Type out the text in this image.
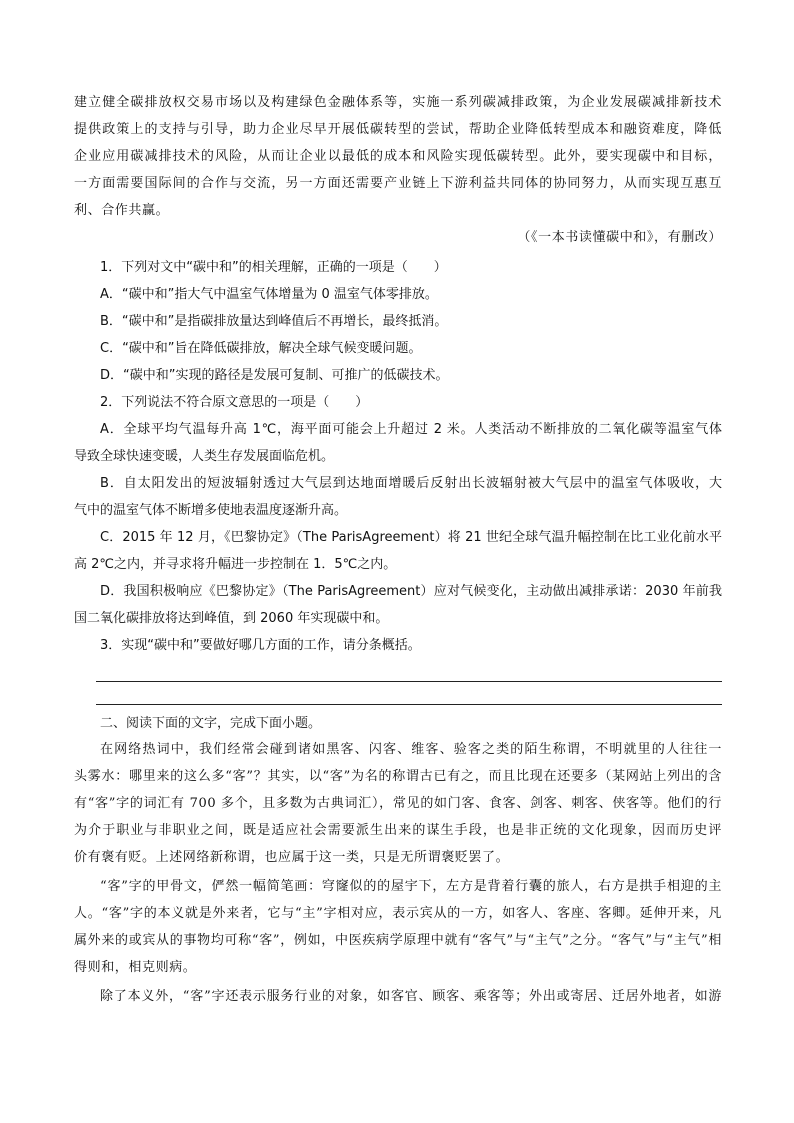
建立健全碳排放权交易市场以及构建绿色金融体系等，实施一系列碳减排政策，为企业发展碳减排新技术
提供政策上的支持与引导，助力企业尽早开展低碳转型的尝试，帮助企业降低转型成本和融资难度，降低
企业应用碳减排技术的风险，从而让企业以最低的成本和风险实现低碳转型。此外，要实现碳中和目标，
一方面需要国际间的合作与交流，另一方面还需要产业链上下游利益共同体的协同努力，从而实现互惠互
利、合作共赢。
（《一本书读懂碳中和》，有删改）
1．下列对文中“碳中和”的相关理解，正确的一项是（　　）
A．“碳中和”指大气中温室气体增量为 0 温室气体零排放。
B．“碳中和”是指碳排放量达到峰值后不再增长，最终抵消。
C．“碳中和”旨在降低碳排放，解决全球气候变暖问题。
D．“碳中和”实现的路径是发展可复制、可推广的低碳技术。
2．下列说法不符合原文意思的一项是（　　）
A．全球平均气温每升高 1℃，海平面可能会上升超过 2 米。人类活动不断排放的二氧化碳等温室气体
导致全球快速变暖，人类生存发展面临危机。
B．自太阳发出的短波辐射透过大气层到达地面增暖后反射出长波辐射被大气层中的温室气体吸收，大
气中的温室气体不断增多使地表温度逐渐升高。
C．2015 年 12 月，《巴黎协定》（The ParisAgreement）将 21 世纪全球气温升幅控制在比工业化前水平
高 2℃之内，并寻求将升幅进一步控制在 1．5℃之内。
D．我国积极响应《巴黎协定》（The ParisAgreement）应对气候变化，主动做出减排承诺：2030 年前我
国二氧化碳排放将达到峰值，到 2060 年实现碳中和。
3．实现“碳中和”要做好哪几方面的工作，请分条概括。
二、阅读下面的文字，完成下面小题。
在网络热词中，我们经常会碰到诸如黑客、闪客、维客、验客之类的陌生称谓，不明就里的人往往一
头雾水：哪里来的这么多“客”？其实，以“客”为名的称谓古已有之，而且比现在还要多（某网站上列出的含
有“客”字的词汇有 700 多个，且多数为古典词汇），常见的如门客、食客、剑客、刺客、侠客等。他们的行
为介于职业与非职业之间，既是适应社会需要派生出来的谋生手段，也是非正统的文化现象，因而历史评
价有褒有贬。上述网络新称谓，也应属于这一类，只是无所谓褒贬罢了。
“客”字的甲骨文，俨然一幅简笔画：穹窿似的的屋宇下，左方是背着行囊的旅人，右方是拱手相迎的主
人。“客”字的本义就是外来者，它与“主”字相对应，表示宾从的一方，如客人、客座、客卿。延伸开来，凡
属外来的或宾从的事物均可称“客”，例如，中医疾病学原理中就有“客气”与“主气”之分。“客气”与“主气”相
得则和，相克则病。
除了本义外，“客”字还表示服务行业的对象，如客官、顾客、乘客等；外出或寄居、迁居外地者，如游
